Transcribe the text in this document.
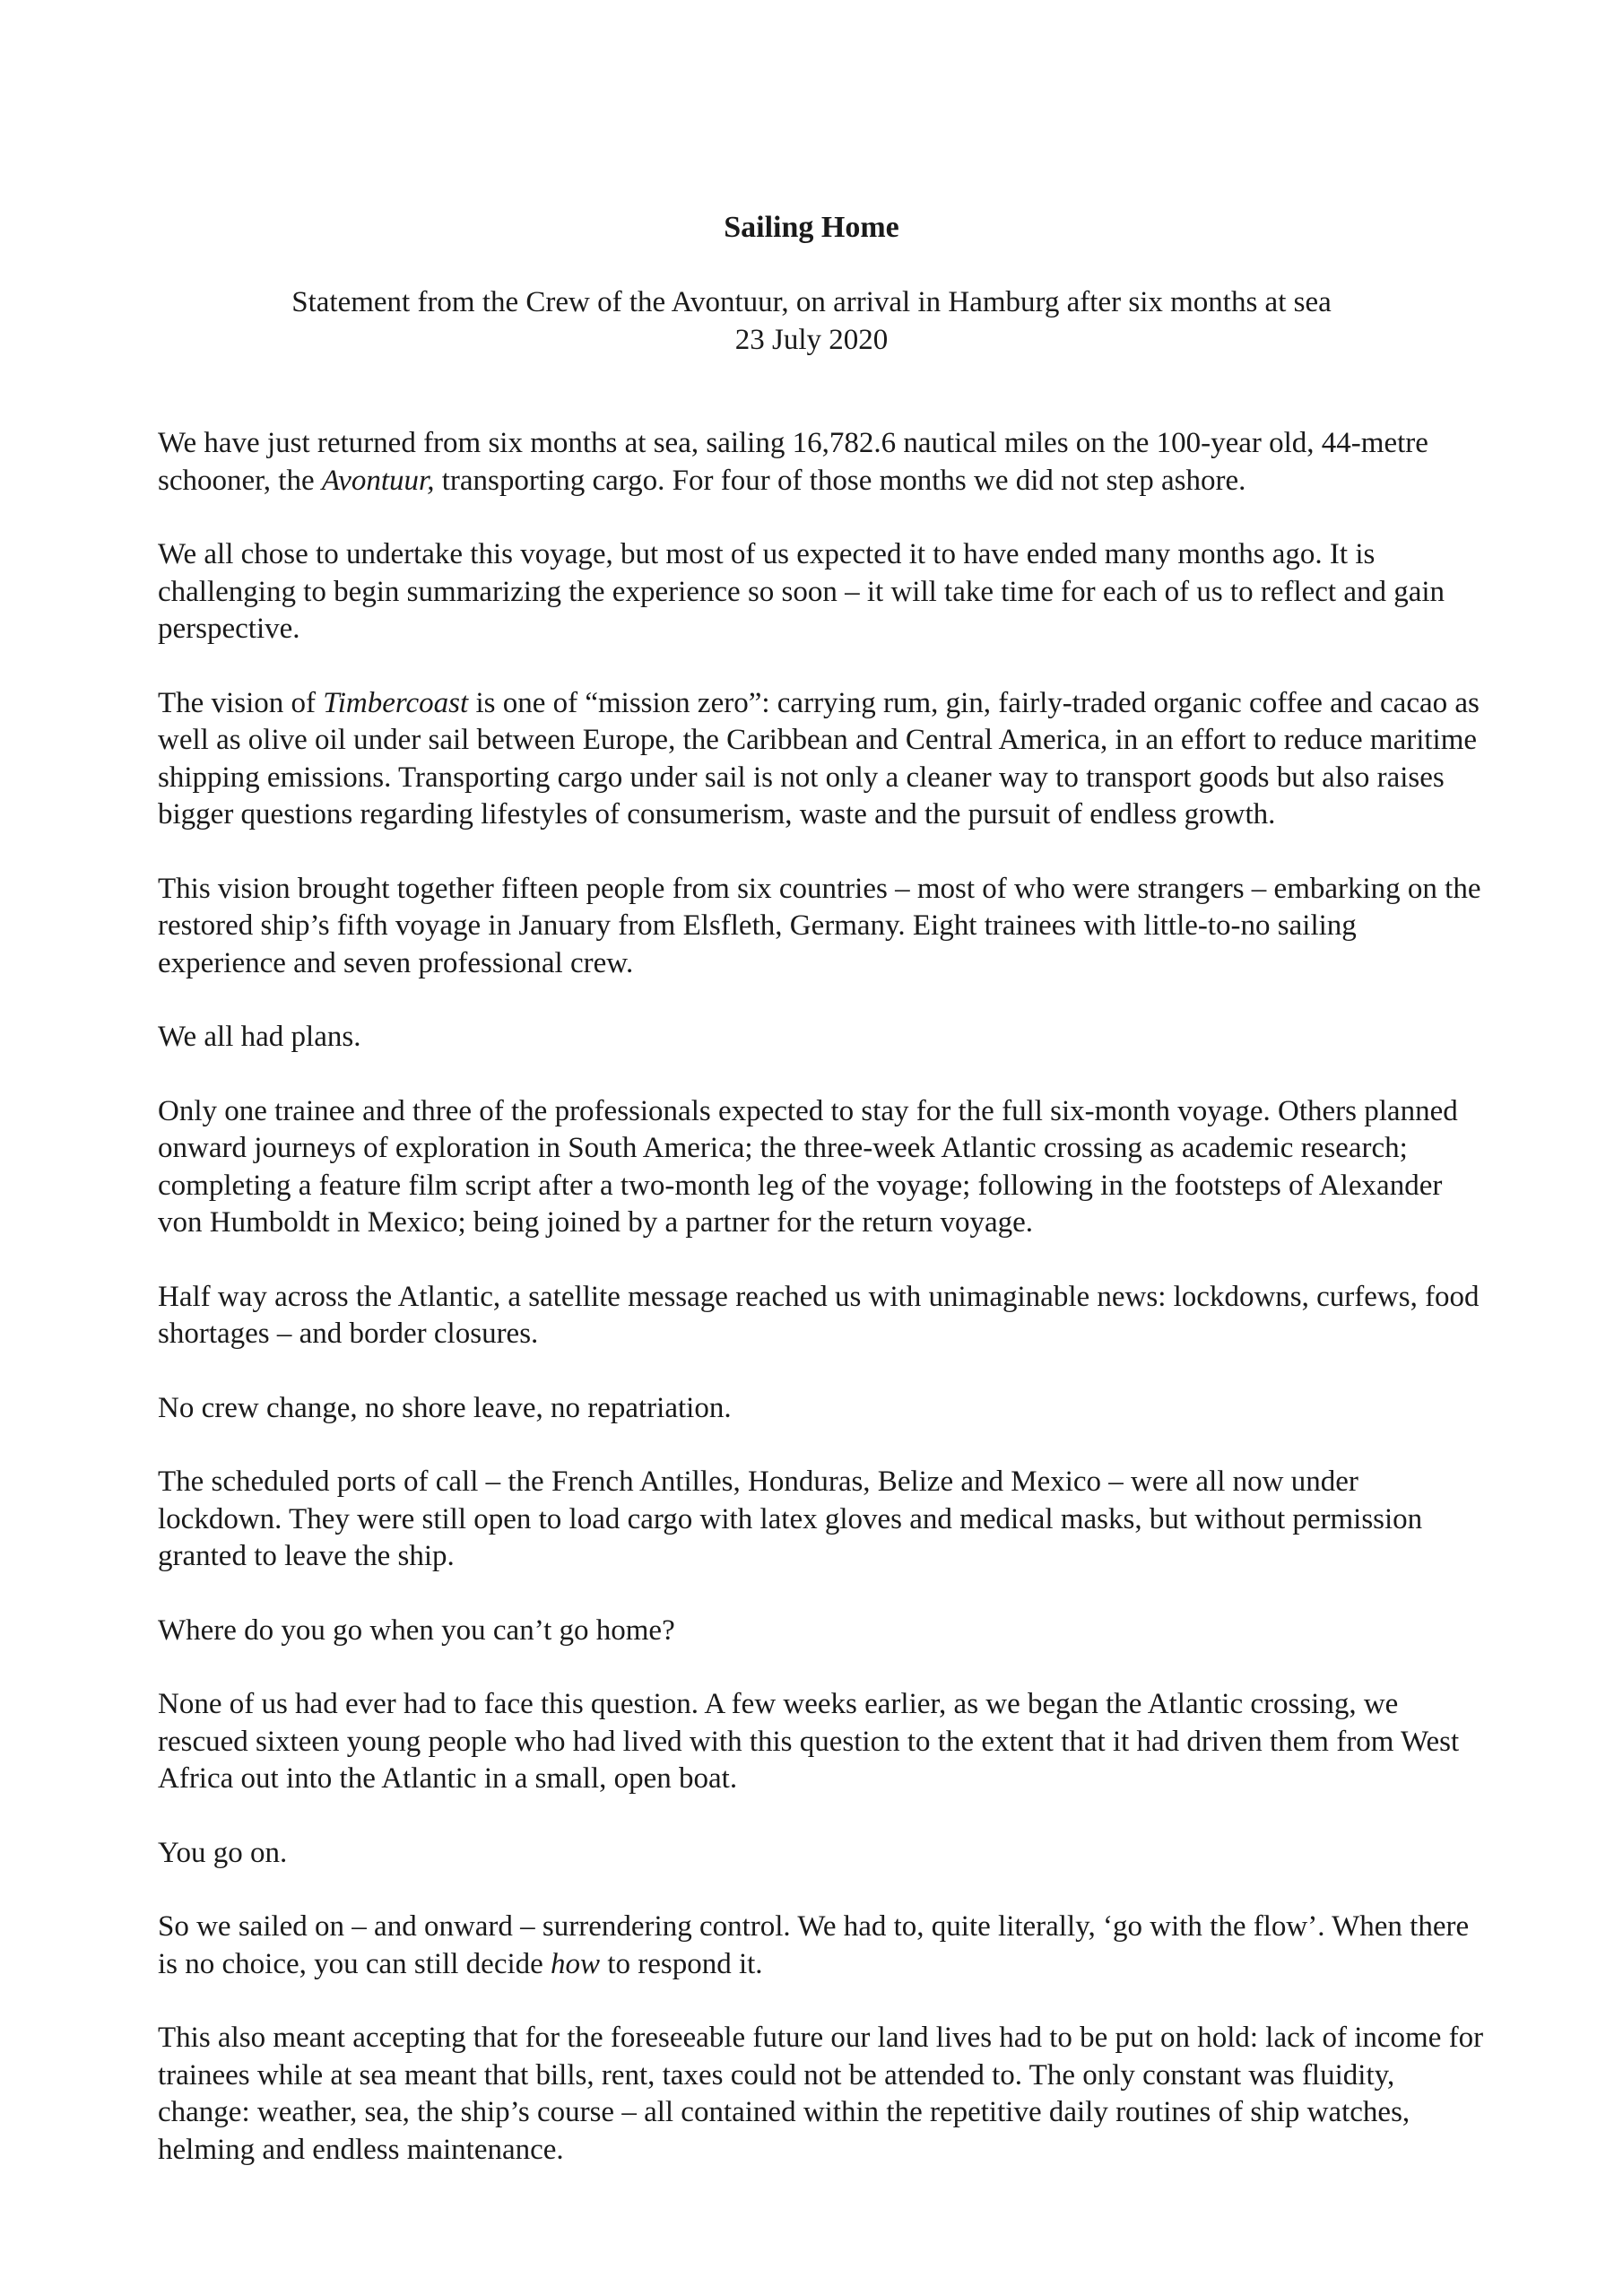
Sailing Home
Statement from the Crew of the Avontuur, on arrival in Hamburg after six months at sea
23 July 2020

We have just returned from six months at sea, sailing 16,782.6 nautical miles on the 100-year old, 44-metre schooner, the Avontuur, transporting cargo. For four of those months we did not step ashore.

We all chose to undertake this voyage, but most of us expected it to have ended many months ago. It is challenging to begin summarizing the experience so soon – it will take time for each of us to reflect and gain perspective.

The vision of Timbercoast is one of “mission zero”: carrying rum, gin, fairly-traded organic coffee and cacao as well as olive oil under sail between Europe, the Caribbean and Central America, in an effort to reduce maritime shipping emissions. Transporting cargo under sail is not only a cleaner way to transport goods but also raises bigger questions regarding lifestyles of consumerism, waste and the pursuit of endless growth.

This vision brought together fifteen people from six countries – most of who were strangers – embarking on the restored ship’s fifth voyage in January from Elsfleth, Germany. Eight trainees with little-to-no sailing experience and seven professional crew.

We all had plans.

Only one trainee and three of the professionals expected to stay for the full six-month voyage. Others planned onward journeys of exploration in South America; the three-week Atlantic crossing as academic research; completing a feature film script after a two-month leg of the voyage; following in the footsteps of Alexander von Humboldt in Mexico; being joined by a partner for the return voyage.

Half way across the Atlantic, a satellite message reached us with unimaginable news: lockdowns, curfews, food shortages – and border closures.

No crew change, no shore leave, no repatriation.

The scheduled ports of call – the French Antilles, Honduras, Belize and Mexico – were all now under lockdown. They were still open to load cargo with latex gloves and medical masks, but without permission granted to leave the ship.

Where do you go when you can’t go home?

None of us had ever had to face this question. A few weeks earlier, as we began the Atlantic crossing, we rescued sixteen young people who had lived with this question to the extent that it had driven them from West Africa out into the Atlantic in a small, open boat.

You go on.

So we sailed on – and onward – surrendering control. We had to, quite literally, ‘go with the flow’. When there is no choice, you can still decide how to respond it.

This also meant accepting that for the foreseeable future our land lives had to be put on hold: lack of income for trainees while at sea meant that bills, rent, taxes could not be attended to. The only constant was fluidity, change: weather, sea, the ship’s course – all contained within the repetitive daily routines of ship watches, helming and endless maintenance.
